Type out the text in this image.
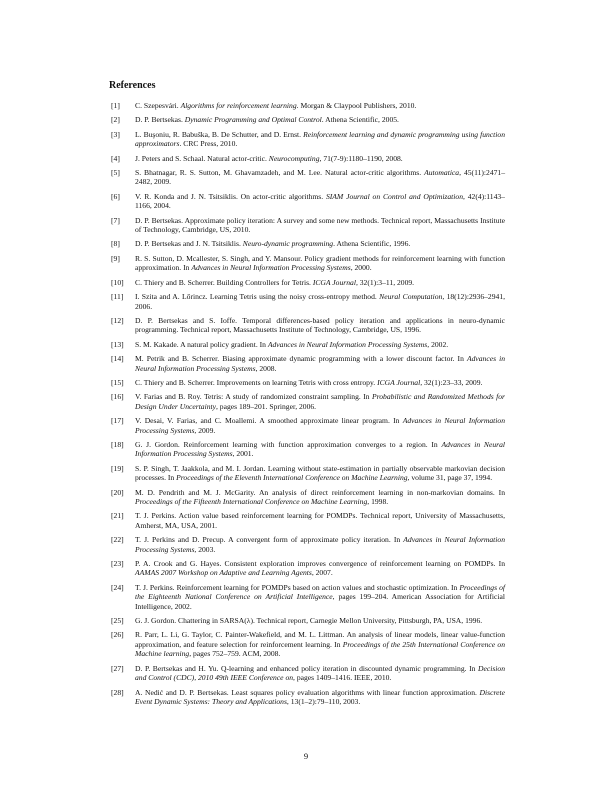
References
[1] C. Szepesvári. Algorithms for reinforcement learning. Morgan & Claypool Publishers, 2010.
[2] D. P. Bertsekas. Dynamic Programming and Optimal Control. Athena Scientific, 2005.
[3] L. Buşoniu, R. Babuška, B. De Schutter, and D. Ernst. Reinforcement learning and dynamic programming using function approximators. CRC Press, 2010.
[4] J. Peters and S. Schaal. Natural actor-critic. Neurocomputing, 71(7-9):1180–1190, 2008.
[5] S. Bhatnagar, R. S. Sutton, M. Ghavamzadeh, and M. Lee. Natural actor-critic algorithms. Automatica, 45(11):2471–2482, 2009.
[6] V. R. Konda and J. N. Tsitsiklis. On actor-critic algorithms. SIAM Journal on Control and Optimization, 42(4):1143–1166, 2004.
[7] D. P. Bertsekas. Approximate policy iteration: A survey and some new methods. Technical report, Massachusetts Institute of Technology, Cambridge, US, 2010.
[8] D. P. Bertsekas and J. N. Tsitsiklis. Neuro-dynamic programming. Athena Scientific, 1996.
[9] R. S. Sutton, D. Mcallester, S. Singh, and Y. Mansour. Policy gradient methods for reinforcement learning with function approximation. In Advances in Neural Information Processing Systems, 2000.
[10] C. Thiery and B. Scherrer. Building Controllers for Tetris. ICGA Journal, 32(1):3–11, 2009.
[11] I. Szita and A. Lőrincz. Learning Tetris using the noisy cross-entropy method. Neural Computation, 18(12):2936–2941, 2006.
[12] D. P. Bertsekas and S. Ioffe. Temporal differences-based policy iteration and applications in neuro-dynamic programming. Technical report, Massachusetts Institute of Technology, Cambridge, US, 1996.
[13] S. M. Kakade. A natural policy gradient. In Advances in Neural Information Processing Systems, 2002.
[14] M. Petrik and B. Scherrer. Biasing approximate dynamic programming with a lower discount factor. In Advances in Neural Information Processing Systems, 2008.
[15] C. Thiery and B. Scherrer. Improvements on learning Tetris with cross entropy. ICGA Journal, 32(1):23–33, 2009.
[16] V. Farias and B. Roy. Tetris: A study of randomized constraint sampling. In Probabilistic and Randomized Methods for Design Under Uncertainty, pages 189–201. Springer, 2006.
[17] V. Desai, V. Farias, and C. Moallemi. A smoothed approximate linear program. In Advances in Neural Information Processing Systems, 2009.
[18] G. J. Gordon. Reinforcement learning with function approximation converges to a region. In Advances in Neural Information Processing Systems, 2001.
[19] S. P. Singh, T. Jaakkola, and M. I. Jordan. Learning without state-estimation in partially observable markovian decision processes. In Proceedings of the Eleventh International Conference on Machine Learning, volume 31, page 37, 1994.
[20] M. D. Pendrith and M. J. McGarity. An analysis of direct reinforcement learning in non-markovian domains. In Proceedings of the Fifteenth International Conference on Machine Learning, 1998.
[21] T. J. Perkins. Action value based reinforcement learning for POMDPs. Technical report, University of Massachusetts, Amherst, MA, USA, 2001.
[22] T. J. Perkins and D. Precup. A convergent form of approximate policy iteration. In Advances in Neural Information Processing Systems, 2003.
[23] P. A. Crook and G. Hayes. Consistent exploration improves convergence of reinforcement learning on POMDPs. In AAMAS 2007 Workshop on Adaptive and Learning Agents, 2007.
[24] T. J. Perkins. Reinforcement learning for POMDPs based on action values and stochastic optimization. In Proceedings of the Eighteenth National Conference on Artificial Intelligence, pages 199–204. American Association for Artificial Intelligence, 2002.
[25] G. J. Gordon. Chattering in SARSA(λ). Technical report, Carnegie Mellon University, Pittsburgh, PA, USA, 1996.
[26] R. Parr, L. Li, G. Taylor, C. Painter-Wakefield, and M. L. Littman. An analysis of linear models, linear value-function approximation, and feature selection for reinforcement learning. In Proceedings of the 25th International Conference on Machine learning, pages 752–759. ACM, 2008.
[27] D. P. Bertsekas and H. Yu. Q-learning and enhanced policy iteration in discounted dynamic programming. In Decision and Control (CDC), 2010 49th IEEE Conference on, pages 1409–1416. IEEE, 2010.
[28] A. Nedić and D. P. Bertsekas. Least squares policy evaluation algorithms with linear function approximation. Discrete Event Dynamic Systems: Theory and Applications, 13(1–2):79–110, 2003.
9
